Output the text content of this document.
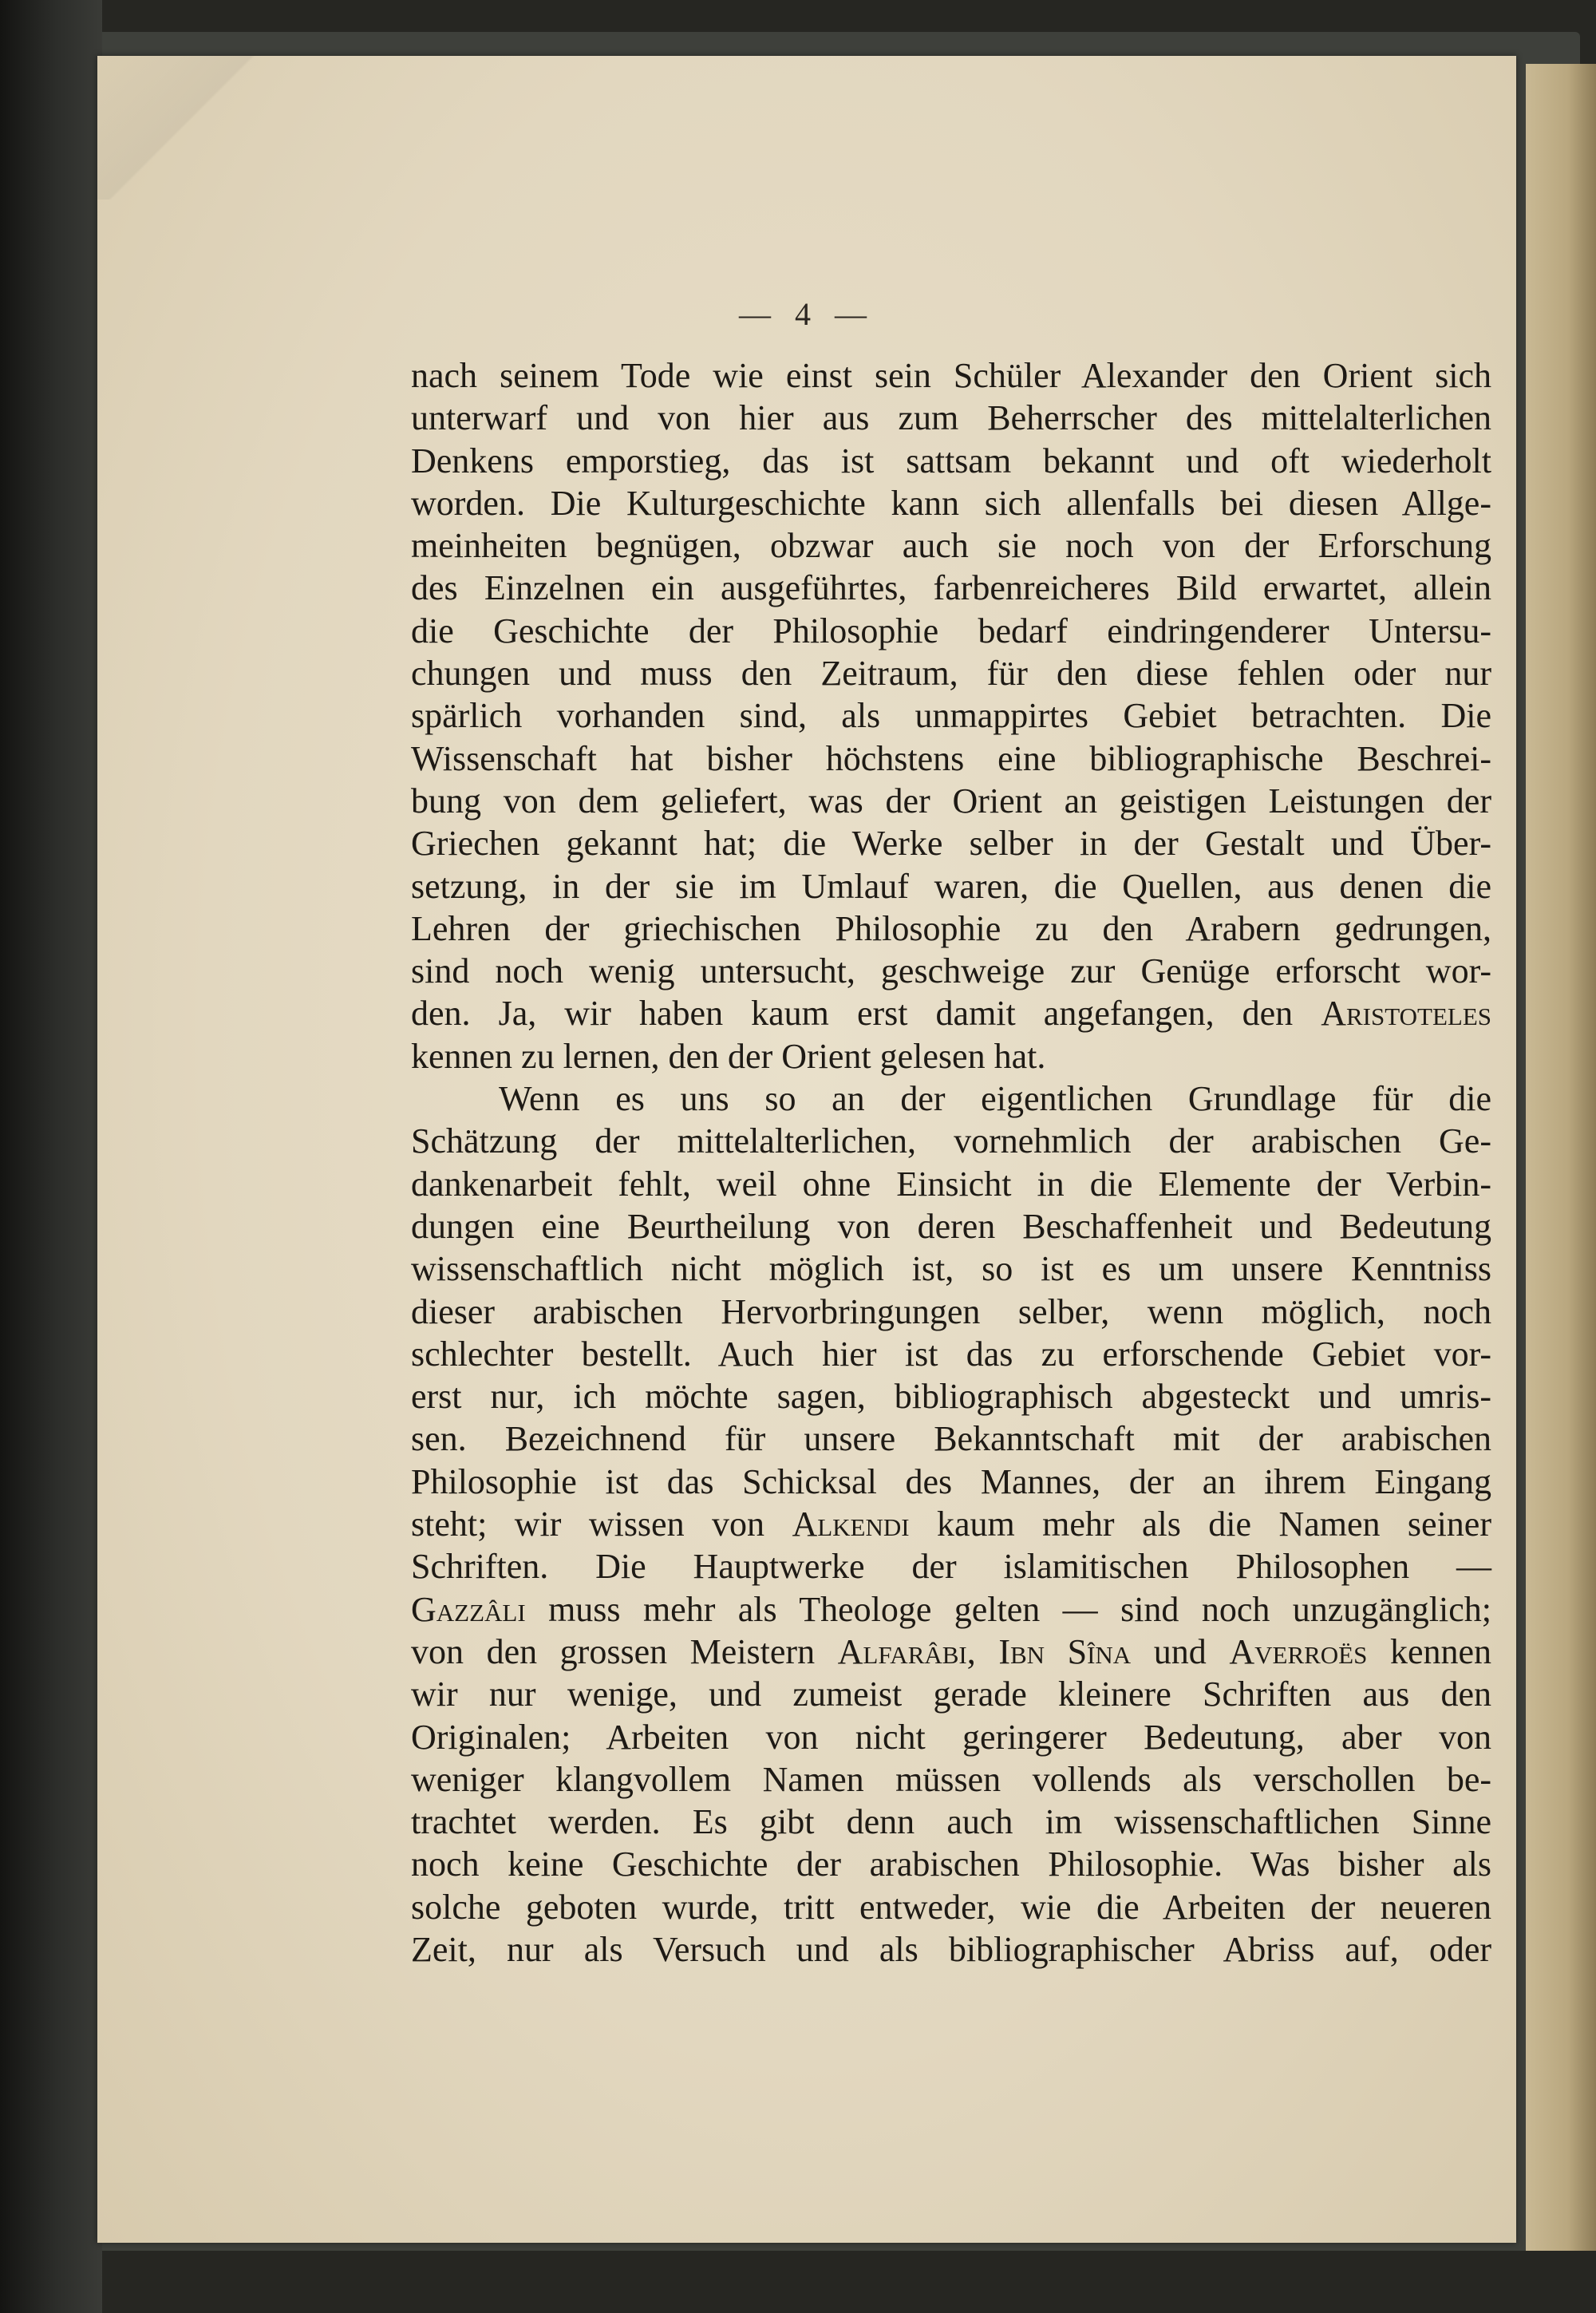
— 4 —

nach seinem Tode wie einst sein Schüler Alexander den Orient sich
unterwarf und von hier aus zum Beherrscher des mittelalterlichen
Denkens emporstieg, das ist sattsam bekannt und oft wiederholt
worden. Die Kulturgeschichte kann sich allenfalls bei diesen Allge-
meinheiten begnügen, obzwar auch sie noch von der Erforschung
des Einzelnen ein ausgeführtes, farbenreicheres Bild erwartet, allein
die Geschichte der Philosophie bedarf eindringenderer Untersu-
chungen und muss den Zeitraum, für den diese fehlen oder nur
spärlich vorhanden sind, als unmappirtes Gebiet betrachten. Die
Wissenschaft hat bisher höchstens eine bibliographische Beschrei-
bung von dem geliefert, was der Orient an geistigen Leistungen der
Griechen gekannt hat; die Werke selber in der Gestalt und Über-
setzung, in der sie im Umlauf waren, die Quellen, aus denen die
Lehren der griechischen Philosophie zu den Arabern gedrungen,
sind noch wenig untersucht, geschweige zur Genüge erforscht wor-
den. Ja, wir haben kaum erst damit angefangen, den Aristoteles
kennen zu lernen, den der Orient gelesen hat.
Wenn es uns so an der eigentlichen Grundlage für die
Schätzung der mittelalterlichen, vornehmlich der arabischen Ge-
dankenarbeit fehlt, weil ohne Einsicht in die Elemente der Verbin-
dungen eine Beurtheilung von deren Beschaffenheit und Bedeutung
wissenschaftlich nicht möglich ist, so ist es um unsere Kenntniss
dieser arabischen Hervorbringungen selber, wenn möglich, noch
schlechter bestellt. Auch hier ist das zu erforschende Gebiet vor-
erst nur, ich möchte sagen, bibliographisch abgesteckt und umris-
sen. Bezeichnend für unsere Bekanntschaft mit der arabischen
Philosophie ist das Schicksal des Mannes, der an ihrem Eingang
steht; wir wissen von Alkendi kaum mehr als die Namen seiner
Schriften. Die Hauptwerke der islamitischen Philosophen —
Gazzâli muss mehr als Theologe gelten — sind noch unzugänglich;
von den grossen Meistern Alfarâbi, Ibn Sîna und Averroës kennen
wir nur wenige, und zumeist gerade kleinere Schriften aus den
Originalen; Arbeiten von nicht geringerer Bedeutung, aber von
weniger klangvollem Namen müssen vollends als verschollen be-
trachtet werden. Es gibt denn auch im wissenschaftlichen Sinne
noch keine Geschichte der arabischen Philosophie. Was bisher als
solche geboten wurde, tritt entweder, wie die Arbeiten der neueren
Zeit, nur als Versuch und als bibliographischer Abriss auf, oder
